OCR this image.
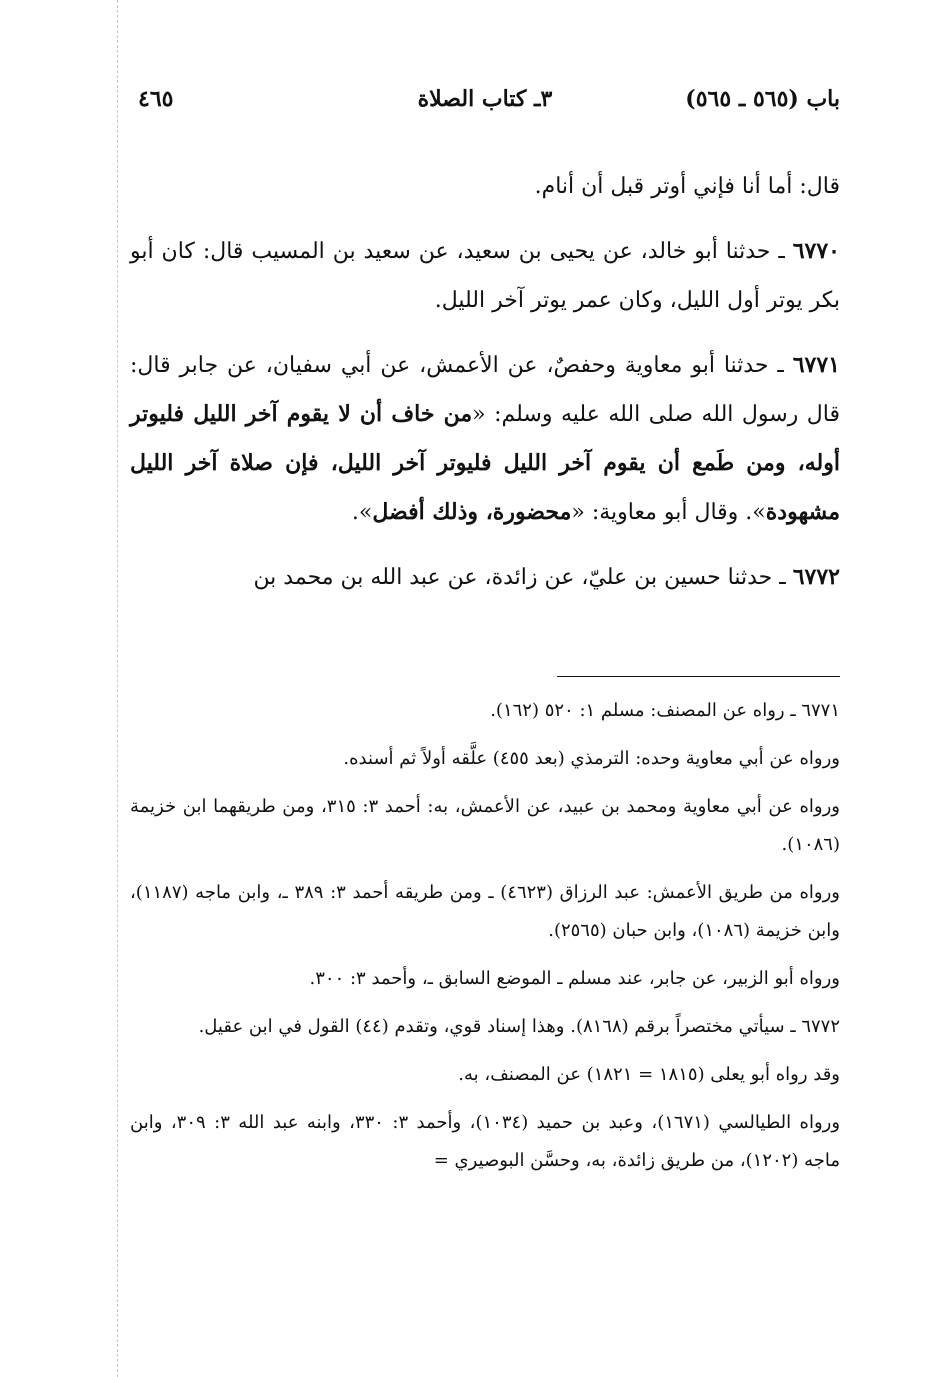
باب (٥٦٥ ـ ٥٦٥)
٣ـ كتاب الصلاة
٤٦٥

قال: أما أنا فإني أوتر قبل أن أنام.

٦٧٧٠ ـ حدثنا أبو خالد، عن يحيى بن سعيد، عن سعيد بن المسيب قال: كان أبو بكر يوتر أول الليل، وكان عمر يوتر آخر الليل.

٦٧٧١ ـ حدثنا أبو معاوية وحفصٌ، عن الأعمش، عن أبي سفيان، عن جابر قال: قال رسول الله صلى الله عليه وسلم: «من خاف أن لا يقوم آخر الليل فليوتر أوله، ومن طَمع أن يقوم آخر الليل فليوتر آخر الليل، فإن صلاة آخر الليل مشهودة». وقال أبو معاوية: «محضورة، وذلك أفضل».

٦٧٧٢ ـ حدثنا حسين بن عليّ، عن زائدة، عن عبد الله بن محمد بن

٦٧٧١ ـ رواه عن المصنف: مسلم ١: ٥٢٠ (١٦٢).

ورواه عن أبي معاوية وحده: الترمذي (بعد ٤٥٥) علَّقه أولاً ثم أسنده.

ورواه عن أبي معاوية ومحمد بن عبيد، عن الأعمش، به: أحمد ٣: ٣١٥، ومن طريقهما ابن خزيمة (١٠٨٦).

ورواه من طريق الأعمش: عبد الرزاق (٤٦٢٣) ـ ومن طريقه أحمد ٣: ٣٨٩ ـ، وابن ماجه (١١٨٧)، وابن خزيمة (١٠٨٦)، وابن حبان (٢٥٦٥).

ورواه أبو الزبير، عن جابر، عند مسلم ـ الموضع السابق ـ، وأحمد ٣: ٣٠٠.

٦٧٧٢ ـ سيأتي مختصراً برقم (٨١٦٨). وهذا إسناد قوي، وتقدم (٤٤) القول في ابن عقيل.

وقد رواه أبو يعلى (١٨١٥ = ١٨٢١) عن المصنف، به.

ورواه الطيالسي (١٦٧١)، وعبد بن حميد (١٠٣٤)، وأحمد ٣: ٣٣٠، وابنه عبد الله ٣: ٣٠٩، وابن ماجه (١٢٠٢)، من طريق زائدة، به، وحسَّن البوصيري =
